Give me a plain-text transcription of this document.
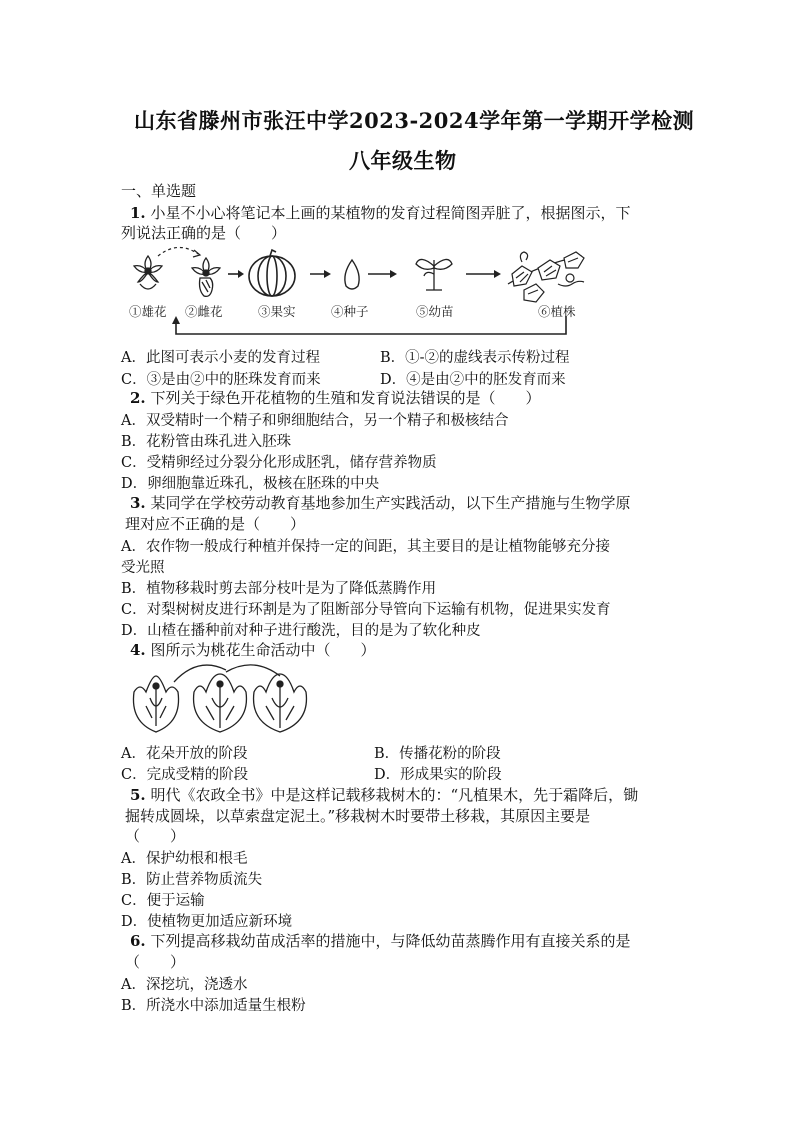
山东省滕州市张汪中学2023-2024学年第一学期开学检测
八年级生物
一、单选题
1. 小星不小心将笔记本上画的某植物的发育过程简图弄脏了，根据图示，下
列说法正确的是（　　）
①雄花 ②雌花	③果实	④种子	⑤幼苗	⑥植株
A．此图可表示小麦的发育过程	B．①-②的虚线表示传粉过程
C．③是由②中的胚珠发育而来	D．④是由②中的胚发育而来
2. 下列关于绿色开花植物的生殖和发育说法错误的是（　　）
A．双受精时一个精子和卵细胞结合，另一个精子和极核结合
B．花粉管由珠孔进入胚珠
C．受精卵经过分裂分化形成胚乳，储存营养物质
D．卵细胞靠近珠孔，极核在胚珠的中央
3. 某同学在学校劳动教育基地参加生产实践活动，以下生产措施与生物学原
理对应不正确的是（　　）
A．农作物一般成行种植并保持一定的间距，其主要目的是让植物能够充分接
受光照
B．植物移栽时剪去部分枝叶是为了降低蒸腾作用
C．对梨树树皮进行环割是为了阻断部分导管向下运输有机物，促进果实发育
D．山楂在播种前对种子进行酸洗，目的是为了软化种皮
4. 图所示为桃花生命活动中（　　）
A．花朵开放的阶段	B．传播花粉的阶段
C．完成受精的阶段	D．形成果实的阶段
5. 明代《农政全书》中是这样记载移栽树木的：“凡植果木，先于霜降后，锄
掘转成圆垛，以草索盘定泥土。”移栽树木时要带土移栽，其原因主要是
（　　）
A．保护幼根和根毛
B．防止营养物质流失
C．便于运输
D．使植物更加适应新环境
6. 下列提高移栽幼苗成活率的措施中，与降低幼苗蒸腾作用有直接关系的是
（　　）
A．深挖坑，浇透水
B．所浇水中添加适量生根粉
